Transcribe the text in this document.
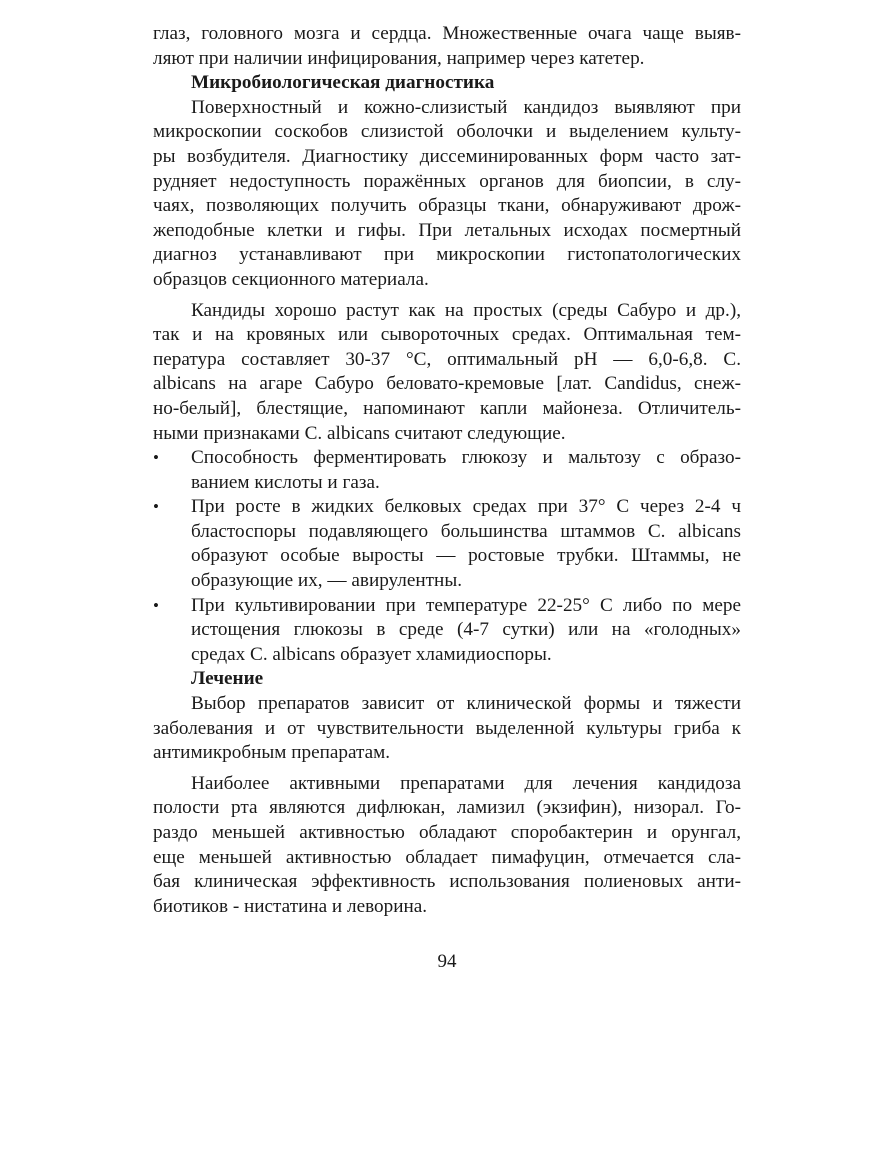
глаз, головного мозга и сердца. Множественные очага чаще выяв-
ляют при наличии инфицирования, например через катетер.

Микробиологическая диагностика

Поверхностный и кожно-слизистый кандидоз выявляют при
микроскопии соскобов слизистой оболочки и выделением культу-
ры возбудителя. Диагностику диссеминированных форм часто зат-
рудняет недоступность поражённых органов для биопсии, в слу-
чаях, позволяющих получить образцы ткани, обнаруживают дрож-
жеподобные клетки и гифы. При летальных исходах посмертный
диагноз устанавливают при микроскопии гистопатологических
образцов секционного материала.

Кандиды хорошо растут как на простых (среды Сабуро и др.),
так и на кровяных или сывороточных средах. Оптимальная тем-
пература составляет 30-37 °С, оптимальный pH — 6,0-6,8. С.
albicans на агаре Сабуро беловато-кремовые [лат. Candidus, снеж-
но-белый], блестящие, напоминают капли майонеза. Отличитель-
ными признаками С. albicans считают следующие.

• Способность ферментировать глюкозу и мальтозу с образо-
ванием кислоты и газа.
• При росте в жидких белковых средах при 37° С через 2-4 ч
бластоспоры подавляющего большинства штаммов С. albicans
образуют особые выросты — ростовые трубки. Штаммы, не
образующие их, — авирулентны.
• При культивировании при температуре 22-25° С либо по мере
истощения глюкозы в среде (4-7 сутки) или на «голодных»
средах С. albicans образует хламидиоспоры.
Лечение

Выбор препаратов зависит от клинической формы и тяжести
заболевания и от чувствительности выделенной культуры гриба к
антимикробным препаратам.

Наиболее активными препаратами для лечения кандидоза
полости рта являются дифлюкан, ламизил (экзифин), низорал. Го-
раздо меньшей активностью обладают споробактерин и орунгал,
еще меньшей активностью обладает пимафуцин, отмечается сла-
бая клиническая эффективность использования полиеновых анти-
биотиков - нистатина и леворина.

94
